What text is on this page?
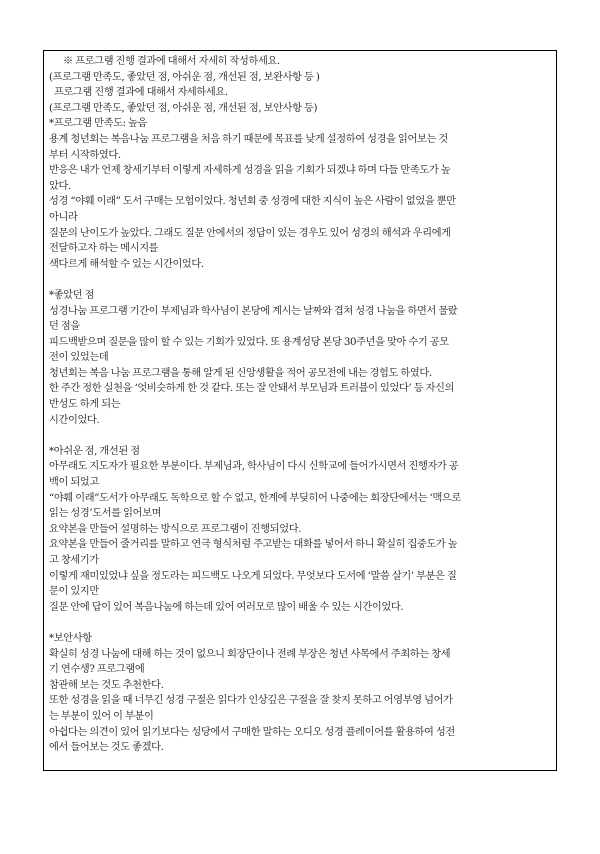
※ 프로그램 진행 결과에 대해서 자세히 작성하세요.
(프로그램 만족도, 좋았던 점, 아쉬운 점, 개선된 점, 보완사항 등 )
프로그램 진행 결과에 대해서 자세하세요.
(프로그램 만족도, 좋았던 점, 아쉬운 점, 개선된 점, 보안사항 등)
*프로그램 만족도: 높음
용계 청년회는 복음나눔 프로그램을 처음 하기 때문에 목표를 낮게 설정하여 성경을 읽어보는 것
부터 시작하였다.
반응은 내가 언제 창세기부터 이렇게 자세하게 성경을 읽을 기회가 되겠냐 하며 다들 만족도가 높
았다.
성경 “야훼 이래” 도서 구매는 모험이었다. 청년회 중 성경에 대한 지식이 높은 사람이 없었을 뿐만
아니라
질문의 난이도가 높았다. 그래도 질문 안에서의 정답이 있는 경우도 있어 성경의 해석과 우리에게
전달하고자 하는 메시지를
색다르게 해석할 수 있는 시간이었다.
*좋았던 점
성경나눔 프로그램 기간이 부제님과 학사님이 본당에 계시는 날짜와 겹쳐 성경 나눔을 하면서 물랐
던 점을
피드백받으며 질문을 많이 할 수 있는 기회가 있었다. 또 용계성당 본당 30주년을 맞아 수기 공모
전이 있었는데
청년회는 복음 나눔 프로그램을 통해 알게 된 신앙생활을 적어 공모전에 내는 경험도 하였다.
한 주간 정한 실천을 ‘엇비슷하게 한 것 같다. 또는 잘 안돼서 부모님과 트러블이 있었다’ 등 자신의
반성도 하게 되는
시간이었다.
*아쉬운 점, 개선된 점
아무래도 지도자가 필요한 부분이다. 부제님과, 학사님이 다시 신학교에 들어가시면서 진행자가 공
백이 되었고
“야훼 이래”도서가 아무래도 독학으로 할 수 없고, 한계에 부딪히어 나중에는 회장단에서는 ‘맥으로
읽는 성경’도서를 읽어보며
요약본을 만들어 설명하는 방식으로 프로그램이 진행되었다.
요약본을 만들어 줄거리를 말하고 연극 형식처럼 주고받는 대화를 넣어서 하니 확실히 집중도가 높
고 창세기가
이렇게 재미있었냐 싶을 정도라는 피드백도 나오게 되었다. 무엇보다 도서에 ‘말씀 살기’ 부분은 질
문이 있지만
질문 안에 답이 있어 복음나눔에 하는데 있어 여러모로 많이 배울 수 있는 시간이었다.
*보안사항
확실히 성경 나눔에 대해 하는 것이 없으니 회장단이나 전례 부장은 청년 사목에서 주최하는 창세
기 연수생? 프로그램에
참관해 보는 것도 추천한다.
또한 성경을 읽을 때 너무긴 성경 구절은 읽다가 인상깊은 구절을 잘 찾지 못하고 어영부영 넘어가
는 부분이 있어 이 부분이
아쉽다는 의견이 있어 읽기보다는 성당에서 구매한 말하는 오디오 성경 플레이어를 활용하여 성전
에서 들어보는 것도 좋겠다.
